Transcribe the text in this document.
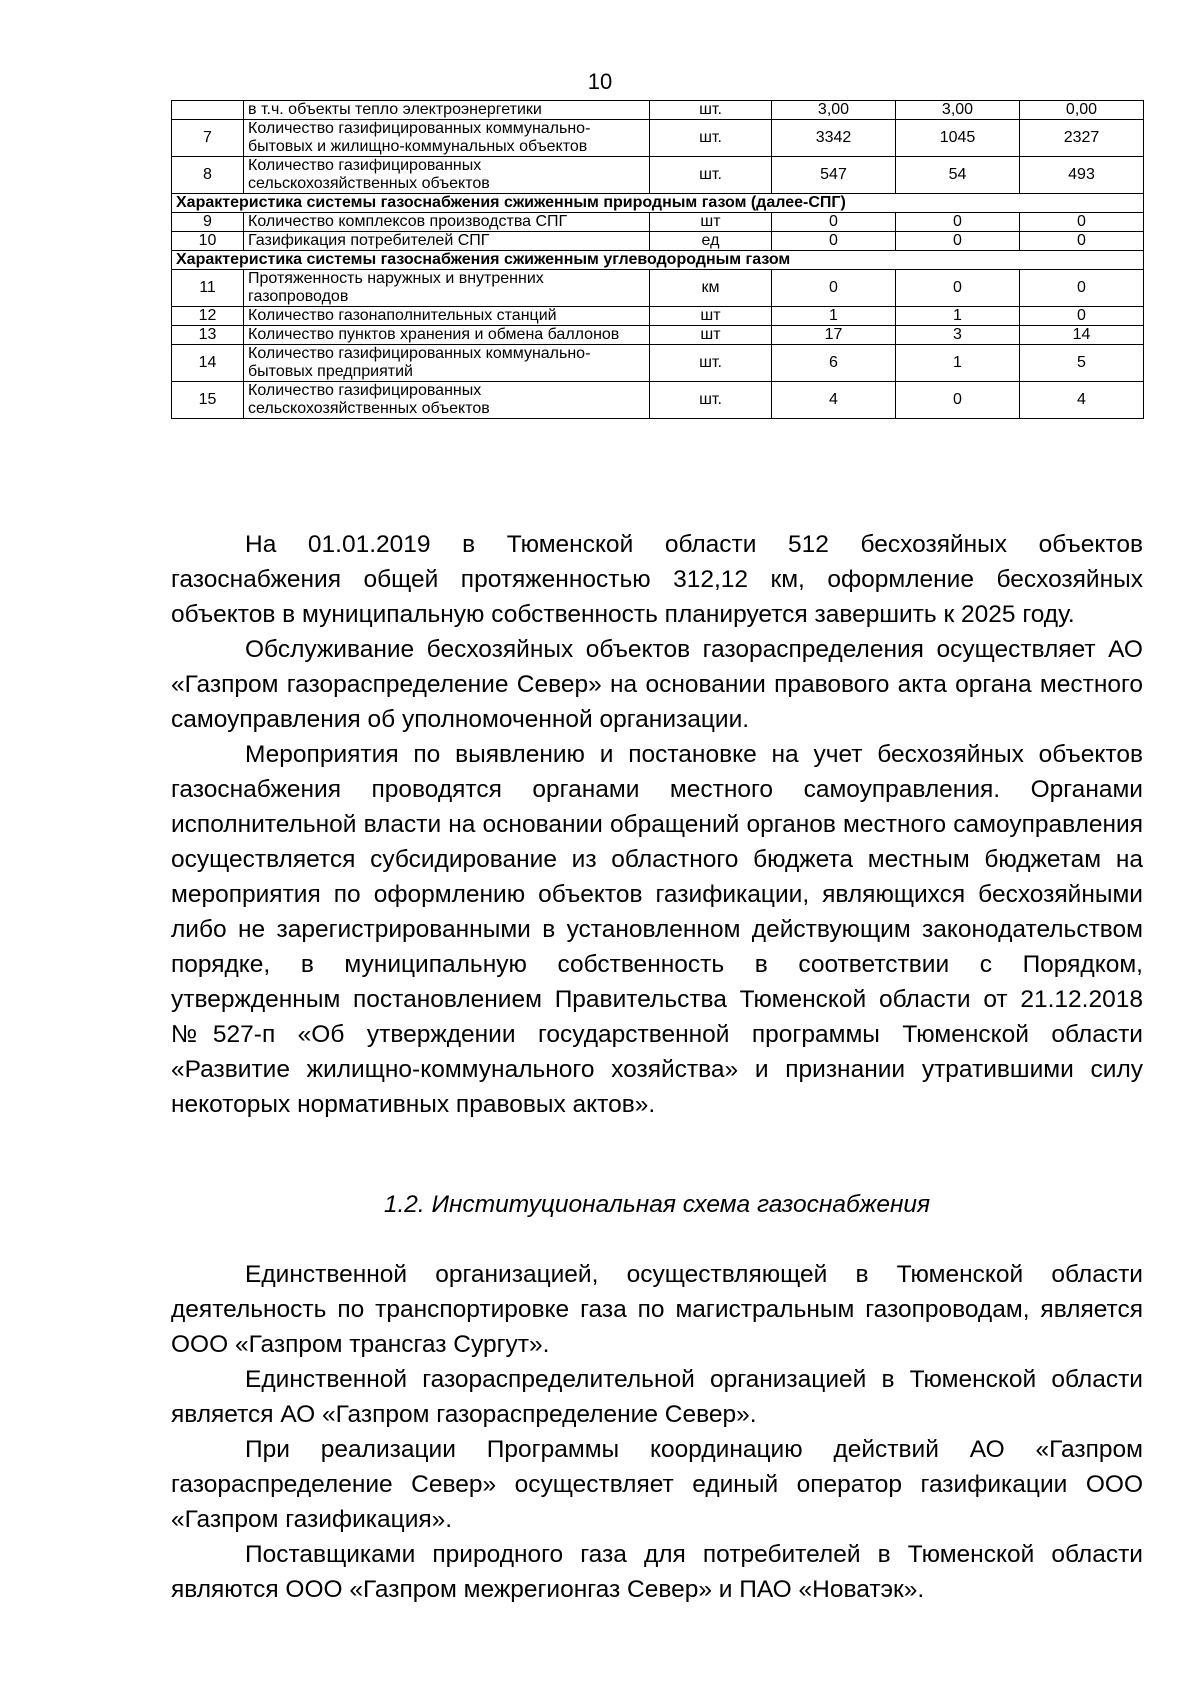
10
	в т.ч. объекты тепло электроэнергетики	шт.	3,00	3,00	0,00
7	Количество газифицированных коммунально-бытовых и жилищно-коммунальных объектов	шт.	3342	1045	2327
8	Количество газифицированных сельскохозяйственных объектов	шт.	547	54	493
Характеристика системы газоснабжения сжиженным природным газом (далее-СПГ)					
9	Количество комплексов производства СПГ	шт	0	0	0
10	Газификация потребителей СПГ	ед	0	0	0
Характеристика системы газоснабжения сжиженным углеводородным газом					
11	Протяженность наружных и внутренних газопроводов	км	0	0	0
12	Количество газонаполнительных станций	шт	1	1	0
13	Количество пунктов хранения и обмена баллонов	шт	17	3	14
14	Количество газифицированных коммунально-бытовых предприятий	шт.	6	1	5
15	Количество газифицированных сельскохозяйственных объектов	шт.	4	0	4

На 01.01.2019 в Тюменской области 512 бесхозяйных объектов газоснабжения общей протяженностью 312,12 км, оформление бесхозяйных объектов в муниципальную собственность планируется завершить к 2025 году.

Обслуживание бесхозяйных объектов газораспределения осуществляет АО «Газпром газораспределение Север» на основании правового акта органа местного самоуправления об уполномоченной организации.

Мероприятия по выявлению и постановке на учет бесхозяйных объектов газоснабжения проводятся органами местного самоуправления. Органами исполнительной власти на основании обращений органов местного самоуправления осуществляется субсидирование из областного бюджета местным бюджетам на мероприятия по оформлению объектов газификации, являющихся бесхозяйными либо не зарегистрированными в установленном действующим законодательством порядке, в муниципальную собственность в соответствии с Порядком, утвержденным постановлением Правительства Тюменской области от 21.12.2018 №527-п «Об утверждении государственной программы Тюменской области «Развитие жилищно-коммунального хозяйства» и признании утратившими силу некоторых нормативных правовых актов».

1.2. Институциональная схема газоснабжения

Единственной организацией, осуществляющей в Тюменской области деятельность по транспортировке газа по магистральным газопроводам, является ООО «Газпром трансгаз Сургут».

Единственной газораспределительной организацией в Тюменской области является АО «Газпром газораспределение Север».

При реализации Программы координацию действий АО «Газпром газораспределение Север» осуществляет единый оператор газификации ООО «Газпром газификация».

Поставщиками природного газа для потребителей в Тюменской области являются ООО «Газпром межрегионгаз Север» и ПАО «Новатэк».
